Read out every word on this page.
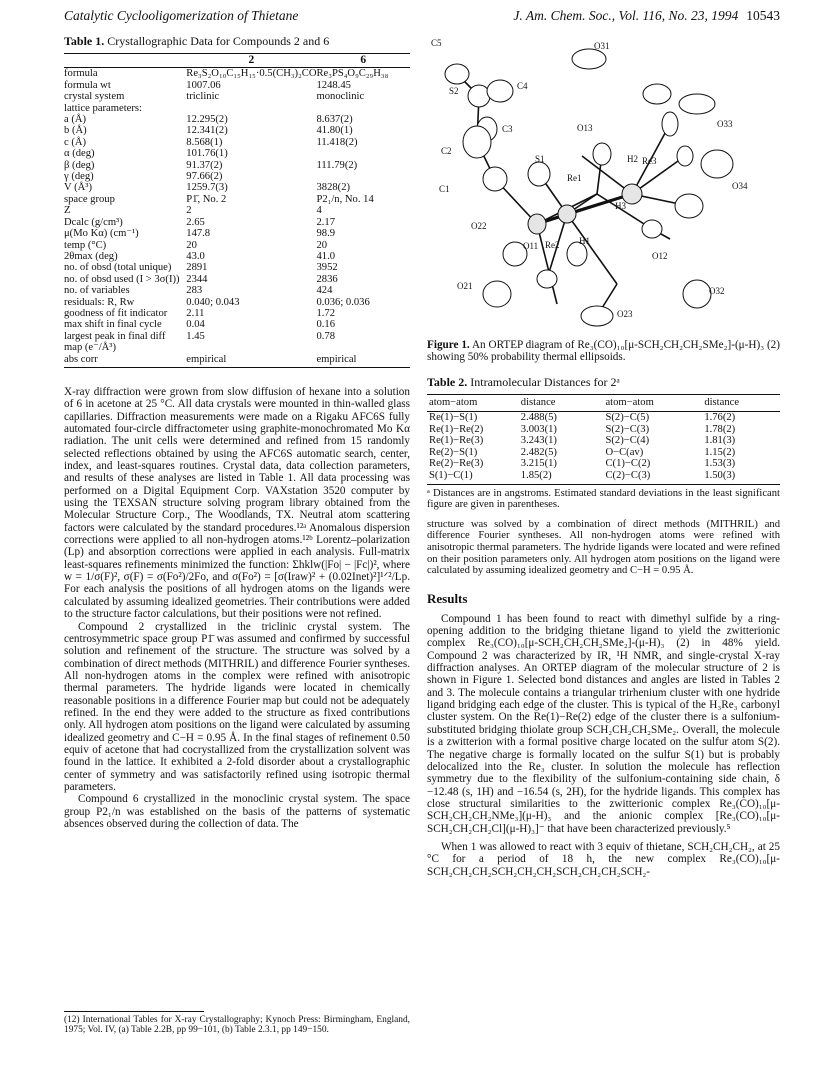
Catalytic Cyclooligomerization of Thietane	J. Am. Chem. Soc., Vol. 116, No. 23, 1994 10543

Table 1. Crystallographic Data for Compounds 2 and 6

	2	6

formula	Re₃S₂O₁₀C₁₅H₁₅·0.5(CH₃)₂CO	Re₃PS₄O₉C₂₉H₃₈
formula wt	1007.06	1248.45
crystal system	triclinic	monoclinic
lattice parameters:		
a (Å)	12.295(2)	8.637(2)
b (Å)	12.341(2)	41.80(1)
c (Å)	8.568(1)	11.418(2)
α (deg)	101.76(1)	
β (deg)	91.37(2)	111.79(2)
γ (deg)	97.66(2)	
V (Å³)	1259.7(3)	3828(2)
space group	P1̄, No. 2	P2₁/n, No. 14
Z	2	4
Dcalc (g/cm³)	2.65	2.17
μ(Mo Kα) (cm⁻¹)	147.8	98.9
temp (°C)	20	20
2θmax (deg)	43.0	41.0
no. of obsd (total unique)	2891	3952
no. of obsd used (I > 3σ(I))	2344	2836
no. of variables	283	424
residuals: R, Rw	0.040; 0.043	0.036; 0.036
goodness of fit indicator	2.11	1.72
max shift in final cycle	0.04	0.16
largest peak in final diff map (e⁻/Å³)	1.45	0.78
abs corr	empirical	empirical

X-ray diffraction were grown from slow diffusion of hexane into a solution of 6 in acetone at 25 °C. All data crystals were mounted in thin-walled glass capillaries. Diffraction measurements were made on a Rigaku AFC6S fully automated four-circle diffractometer using graphite-monochromated Mo Kα radiation. The unit cells were determined and refined from 15 randomly selected reflections obtained by using the AFC6S automatic search, center, index, and least-squares routines. Crystal data, data collection parameters, and results of these analyses are listed in Table 1. All data processing was performed on a Digital Equipment Corp. VAXstation 3520 computer by using the TEXSAN structure solving program library obtained from the Molecular Structure Corp., The Woodlands, TX. Neutral atom scattering factors were calculated by the standard procedures.¹²ᵃ Anomalous dispersion corrections were applied to all non-hydrogen atoms.¹²ᵇ Lorentz–polarization (Lp) and absorption corrections were applied in each analysis. Full-matrix least-squares refinements minimized the function: Σhklw(|Fo| − |Fc|)², where w = 1/σ(F)², σ(F) = σ(Fo²)/2Fo, and σ(Fo²) = [σ(Iraw)² + (0.02Inet)²]¹ᐟ²/Lp. For each analysis the positions of all hydrogen atoms on the ligands were calculated by assuming idealized geometries. Their contributions were added to the structure factor calculations, but their positions were not refined.

Compound 2 crystallized in the triclinic crystal system. The centrosymmetric space group P1̄ was assumed and confirmed by successful solution and refinement of the structure. The structure was solved by a combination of direct methods (MITHRIL) and difference Fourier syntheses. All non-hydrogen atoms in the complex were refined with anisotropic thermal parameters. The hydride ligands were located in chemically reasonable positions in a difference Fourier map but could not be adequately refined. In the end they were added to the structure as fixed contributions only. All hydrogen atom positions on the ligand were calculated by assuming idealized geometry and C−H = 0.95 Å. In the final stages of refinement 0.50 equiv of acetone that had cocrystallized from the crystallization solvent was found in the lattice. It exhibited a 2-fold disorder about a crystallographic center of symmetry and was satisfactorily refined using isotropic thermal parameters.

Compound 6 crystallized in the monoclinic crystal system. The space group P2₁/n was established on the basis of the patterns of systematic absences observed during the collection of data. The

(12) International Tables for X-ray Crystallography; Kynoch Press: Birmingham, England, 1975; Vol. IV, (a) Table 2.2B, pp 99−101, (b) Table 2.3.1, pp 149−150.
C5
S2	C4
O31
C3	O13	O33
C2
S1	H2 Re3
Re1
C1	O34
H3
O22
H1
Re2
O11
O12
O32
O21
O23

Figure 1. An ORTEP diagram of Re₃(CO)₁₀[μ-SCH₂CH₂CH₂SMe₂]-(μ-H)₃ (2) showing 50% probability thermal ellipsoids.

Table 2. Intramolecular Distances for 2ᵃ

atom−atom	distance	atom−atom	distance

Re(1)−S(1)	2.488(5)	S(2)−C(5)	1.76(2)
Re(1)−Re(2)	3.003(1)	S(2)−C(3)	1.78(2)
Re(1)−Re(3)	3.243(1)	S(2)−C(4)	1.81(3)
Re(2)−S(1)	2.482(5)	O−C(av)	1.15(2)
Re(2)−Re(3)	3.215(1)	C(1)−C(2)	1.53(3)
S(1)−C(1)	1.85(2)	C(2)−C(3)	1.50(3)

ᵃ Distances are in angstroms. Estimated standard deviations in the least significant figure are given in parentheses.

structure was solved by a combination of direct methods (MITHRIL) and difference Fourier syntheses. All non-hydrogen atoms were refined with anisotropic thermal parameters. The hydride ligands were located and were refined on their position parameters only. All hydrogen atom positions on the ligand were calculated by assuming idealized geometry and C−H = 0.95 Å.

Results

Compound 1 has been found to react with dimethyl sulfide by a ring-opening addition to the bridging thietane ligand to yield the zwitterionic complex Re₃(CO)₁₀[μ-SCH₂CH₂CH₂SMe₂]-(μ-H)₃ (2) in 48% yield. Compound 2 was characterized by IR, ¹H NMR, and single-crystal X-ray diffraction analyses. An ORTEP diagram of the molecular structure of 2 is shown in Figure 1. Selected bond distances and angles are listed in Tables 2 and 3. The molecule contains a triangular trirhenium cluster with one hydride ligand bridging each edge of the cluster. This is typical of the H₃Re₃ carbonyl cluster system. On the Re(1)−Re(2) edge of the cluster there is a sulfonium-substituted bridging thiolate group SCH₂CH₂CH₂SMe₂. Overall, the molecule is a zwitterion with a formal positive charge located on the sulfur atom S(2). The negative charge is formally located on the sulfur S(1) but is probably delocalized into the Re₃ cluster. In solution the molecule has reflection symmetry due to the flexibility of the sulfonium-containing side chain, δ −12.48 (s, 1H) and −16.54 (s, 2H), for the hydride ligands. This complex has close structural similarities to the zwitterionic complex Re₃(CO)₁₀[μ-SCH₂CH₂CH₂NMe₃](μ-H)₃ and the anionic complex [Re₃(CO)₁₀[μ-SCH₂CH₂CH₂Cl](μ-H)₃]⁻ that have been characterized previously.⁵

When 1 was allowed to react with 3 equiv of thietane, SCH₂CH₂CH₂, at 25 °C for a period of 18 h, the new complex Re₃(CO)₁₀[μ-SCH₂CH₂CH₂SCH₂CH₂CH₂SCH₂CH₂CH₂SCH₂-
